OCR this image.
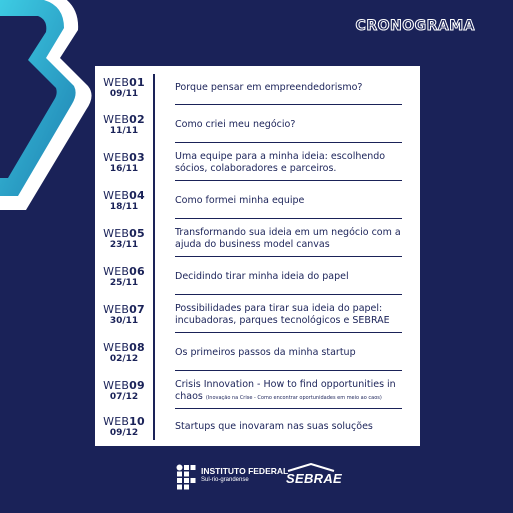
CRONOGRAMA
WEB01
09/11
Porque pensar em empreendedorismo?
WEB02
11/11
Como criei meu negócio?
WEB03
16/11
Uma equipe para a minha ideia: escolhendo sócios, colaboradores e parceiros.
WEB04
18/11
Como formei minha equipe
WEB05
23/11
Transformando sua ideia em um negócio com a ajuda do business model canvas
WEB06
25/11
Decidindo tirar minha ideia do papel
WEB07
30/11
Possibilidades para tirar sua ideia do papel: incubadoras, parques tecnológicos e SEBRAE
WEB08
02/12
Os primeiros passos da minha startup
WEB09
07/12
Crisis Innovation - How to find opportunities in chaos (Inovação na Crise - Como encontrar oportunidades em meio ao caos)
WEB10
09/12
Startups que inovaram nas suas soluções
INSTITUTO FEDERAL
Sul-rio-grandense	SEBRAE
